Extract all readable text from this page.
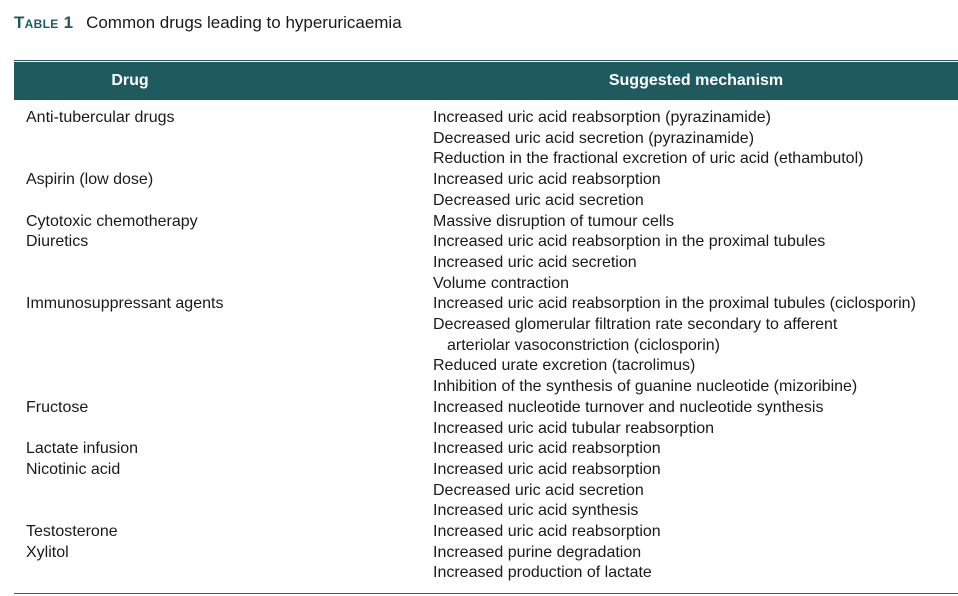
Table 1 Common drugs leading to hyperuricaemia
Drug	Suggested mechanism
Anti-tubercular drugs	Increased uric acid reabsorption (pyrazinamide)
Decreased uric acid secretion (pyrazinamide)
Reduction in the fractional excretion of uric acid (ethambutol)
Aspirin (low dose)	Increased uric acid reabsorption
Decreased uric acid secretion
Cytotoxic chemotherapy	Massive disruption of tumour cells
Diuretics	Increased uric acid reabsorption in the proximal tubules
Increased uric acid secretion
Volume contraction
Immunosuppressant agents	Increased uric acid reabsorption in the proximal tubules (ciclosporin)
Decreased glomerular filtration rate secondary to afferent
arteriolar vasoconstriction (ciclosporin)
Reduced urate excretion (tacrolimus)
Inhibition of the synthesis of guanine nucleotide (mizoribine)
Fructose	Increased nucleotide turnover and nucleotide synthesis
Increased uric acid tubular reabsorption
Lactate infusion	Increased uric acid reabsorption
Nicotinic acid	Increased uric acid reabsorption
Decreased uric acid secretion
Increased uric acid synthesis
Testosterone	Increased uric acid reabsorption
Xylitol	Increased purine degradation
Increased production of lactate
